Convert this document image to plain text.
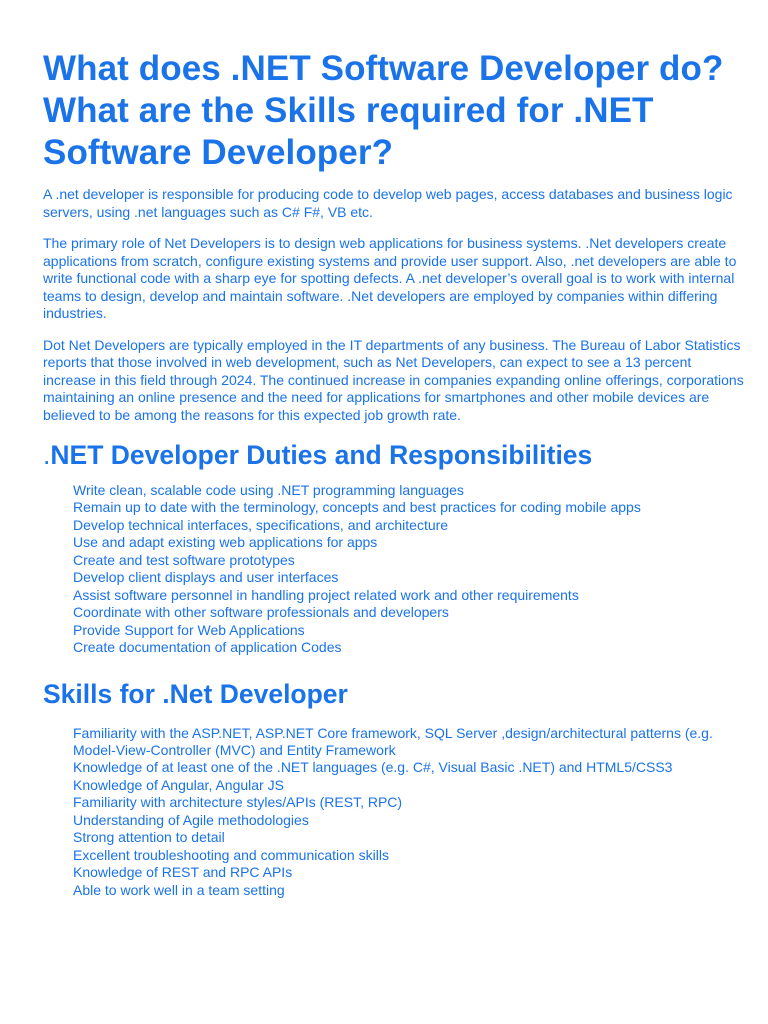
What does .NET Software Developer do? What are the Skills required for .NET Software Developer?

A .net developer is responsible for producing code to develop web pages, access databases and business logic servers, using .net languages such as C# F#, VB etc.

The primary role of Net Developers is to design web applications for business systems. .Net developers create applications from scratch, configure existing systems and provide user support. Also, .net developers are able to write functional code with a sharp eye for spotting defects. A .net developer’s overall goal is to work with internal teams to design, develop and maintain software. .Net developers are employed by companies within differing industries.

Dot Net Developers are typically employed in the IT departments of any business. The Bureau of Labor Statistics reports that those involved in web development, such as Net Developers, can expect to see a 13 percent increase in this field through 2024. The continued increase in companies expanding online offerings, corporations maintaining an online presence and the need for applications for smartphones and other mobile devices are believed to be among the reasons for this expected job growth rate.

.NET Developer Duties and Responsibilities
Write clean, scalable code using .NET programming languages
Remain up to date with the terminology, concepts and best practices for coding mobile apps
Develop technical interfaces, specifications, and architecture
Use and adapt existing web applications for apps
Create and test software prototypes
Develop client displays and user interfaces
Assist software personnel in handling project related work and other requirements
Coordinate with other software professionals and developers
Provide Support for Web Applications
Create documentation of application Codes
Skills for .Net Developer
Familiarity with the ASP.NET, ASP.NET Core framework, SQL Server ,design/architectural patterns (e.g. Model-View-Controller (MVC) and Entity Framework
Knowledge of at least one of the .NET languages (e.g. C#, Visual Basic .NET) and HTML5/CSS3
Knowledge of Angular, Angular JS
Familiarity with architecture styles/APIs (REST, RPC)
Understanding of Agile methodologies
Strong attention to detail
Excellent troubleshooting and communication skills
Knowledge of REST and RPC APIs
Able to work well in a team setting
